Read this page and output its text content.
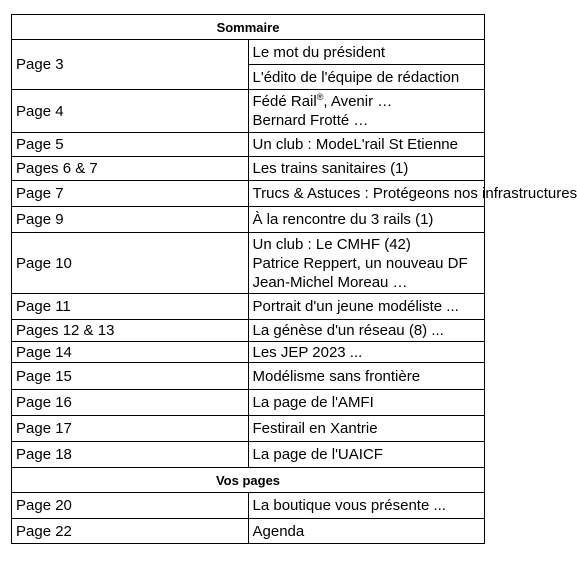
Sommaire	
Page 3	Le mot du président
	L'édito de l'équipe de rédaction
Page 4	Fédé Rail®, Avenir …
Bernard Frotté …

Page 5	Un club : ModeL'rail St Etienne
Pages 6 & 7	Les trains sanitaires (1)
Page 7	Trucs & Astuces : Protégeons nos infrastructures
Page 9	À la rencontre du 3 rails (1)
Page 10	Un club : Le CMHF (42)
Patrice Reppert, un nouveau DF
Jean-Michel Moreau …

Page 11	Portrait d'un jeune modéliste ...
Pages 12 & 13	La génèse d'un réseau (8) ...
Page 14	Les JEP 2023 ...
Page 15	Modélisme sans frontière
Page 16	La page de l'AMFI
Page 17	Festirail en Xantrie
Page 18	La page de l'UAICF
Vos pages	
Page 20	La boutique vous présente ...
Page 22	Agenda
